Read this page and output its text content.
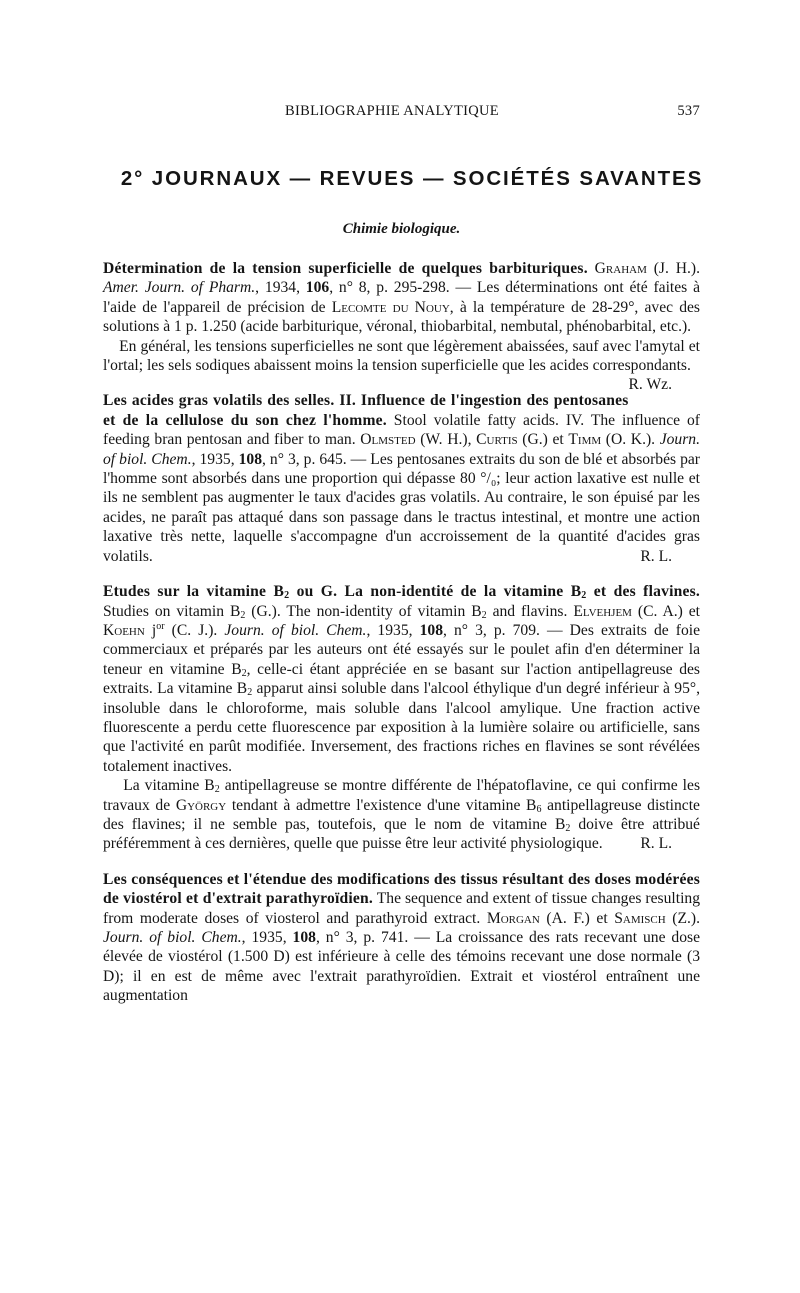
BIBLIOGRAPHIE ANALYTIQUE	537
2° JOURNAUX — REVUES — SOCIÉTÉS SAVANTES
Chimie biologique.

Détermination de la tension superficielle de quelques barbituriques. Graham (J. H.). Amer. Journ. of Pharm., 1934, 106, n° 8, p. 295-298. — Les déterminations ont été faites à l'aide de l'appareil de précision de Lecomte du Nouy, à la température de 28-29°, avec des solutions à 1 p. 1.250 (acide barbiturique, véronal, thiobarbital, nembutal, phénobarbital, etc.).
En général, les tensions superficielles ne sont que légèrement abaissées, sauf avec l'amytal et l'ortal; les sels sodiques abaissent moins la tension superficielle que les acides correspondants.
R. Wz.

Les acides gras volatils des selles. II. Influence de l'ingestion des pentosanes et de la cellulose du son chez l'homme. Stool volatile fatty acids. IV. The influence of feeding bran pentosan and fiber to man. Olmsted (W. H.), Curtis (G.) et Timm (O. K.). Journ. of biol. Chem., 1935, 108, n° 3, p. 645. — Les pentosanes extraits du son de blé et absorbés par l'homme sont absorbés dans une proportion qui dépasse 80 °/₀; leur action laxative est nulle et ils ne semblent pas augmenter le taux d'acides gras volatils. Au contraire, le son épuisé par les acides, ne paraît pas attaqué dans son passage dans le tractus intestinal, et montre une action laxative très nette, laquelle s'accompagne d'un accroissement de la quantité d'acides gras volatils.	R. L.

Etudes sur la vitamine $B_2$ ou G. La non-identité de la vitamine $B_2$ et des flavines. Studies on vitamin $B_2$ (G.). The non-identity of vitamin $B_2$ and flavins. Elvehjem (C. A.) et Koehn $j^{or}$ (C. J.). Journ. of biol. Chem., 1935, 108, n° 3, p. 709. — Des extraits de foie commerciaux et préparés par les auteurs ont été essayés sur le poulet afin d'en déterminer la teneur en vitamine $B_2$, celle-ci étant appréciée en se basant sur l'action antipellagreuse des extraits. La vitamine $B_2$ apparut ainsi soluble dans l'alcool éthylique d'un degré inférieur à 95°, insoluble dans le chloroforme, mais soluble dans l'alcool amylique. Une fraction active fluorescente a perdu cette fluorescence par exposition à la lumière solaire ou artificielle, sans que l'activité en parût modifiée. Inversement, des fractions riches en flavines se sont révélées totalement inactives.
La vitamine $B_2$ antipellagreuse se montre différente de l'hépatoflavine, ce qui confirme les travaux de György tendant à admettre l'existence d'une vitamine $B_6$ antipellagreuse distincte des flavines; il ne semble pas, toutefois, que le nom de vitamine $B_2$ doive être attribué préféremment à ces dernières, quelle que puisse être leur activité physiologique. R. L.

Les conséquences et l'étendue des modifications des tissus résultant des doses modérées de viostérol et d'extrait parathyroïdien. The sequence and extent of tissue changes resulting from moderate doses of viosterol and parathyroid extract. Morgan (A. F.) et Samisch (Z.). Journ. of biol. Chem., 1935, 108, n° 3, p. 741. — La croissance des rats recevant une dose élevée de viostérol (1.500 D) est inférieure à celle des témoins recevant une dose normale (3 D); il en est de même avec l'extrait parathyroïdien. Extrait et viostérol entraînent une augmentation
